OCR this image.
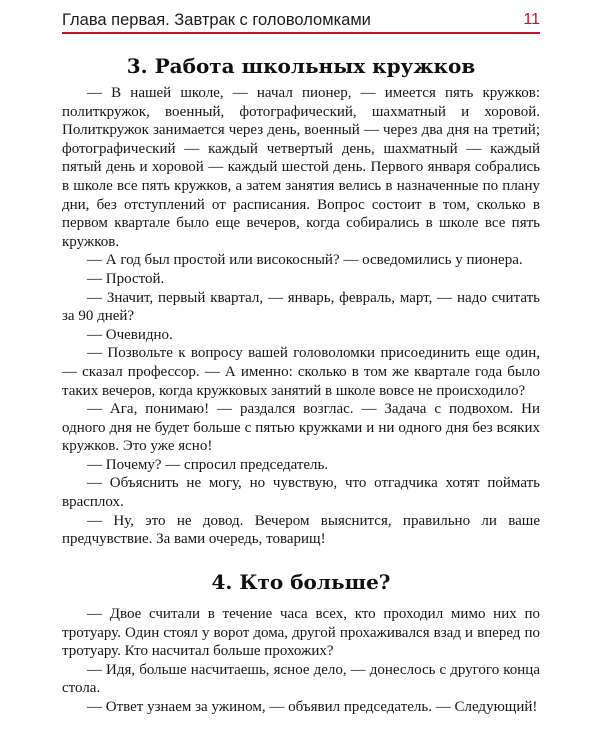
Глава первая. Завтрак с головоломками	11
3. Работа школьных кружков

— В нашей школе, — начал пионер, — имеется пять кружков: политкружок, военный, фотографический, шахматный и хоровой. Политкружок занимается через день, военный — через два дня на третий; фотографический — каждый четвертый день, шахматный — каждый пятый день и хоровой — каждый шестой день. Первого января собрались в школе все пять кружков, а затем занятия велись в назначенные по плану дни, без отступлений от расписания. Вопрос состоит в том, сколько в первом квартале было еще вечеров, когда собирались в школе все пять кружков.

— А год был простой или високосный? — осведомились у пионера.

— Простой.

— Значит, первый квартал, — январь, февраль, март, — надо считать за 90 дней?

— Очевидно.

— Позвольте к вопросу вашей головоломки присоединить еще один, — сказал профессор. — А именно: сколько в том же квартале года было таких вечеров, когда кружковых занятий в школе вовсе не происходило?

— Ага, понимаю! — раздался возглас. — Задача с подвохом. Ни одного дня не будет больше с пятью кружками и ни одного дня без всяких кружков. Это уже ясно!

— Почему? — спросил председатель.

— Объяснить не могу, но чувствую, что отгадчика хотят поймать врасплох.

— Ну, это не довод. Вечером выяснится, правильно ли ваше предчувствие. За вами очередь, товарищ!

4. Кто больше?

— Двое считали в течение часа всех, кто проходил мимо них по тротуару. Один стоял у ворот дома, другой прохаживался взад и вперед по тротуару. Кто насчитал больше прохожих?

— Идя, больше насчитаешь, ясное дело, — донеслось с другого конца стола.

— Ответ узнаем за ужином, — объявил председатель. — Следующий!
